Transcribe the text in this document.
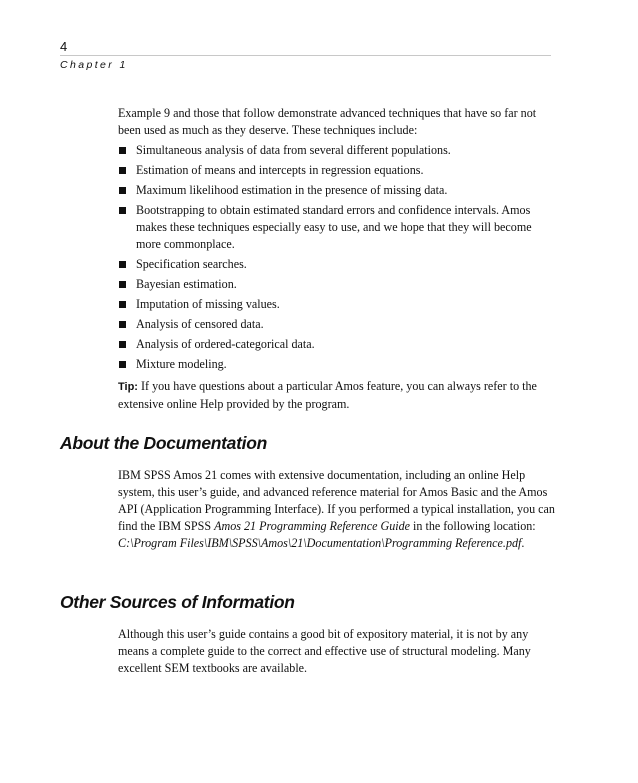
4
Chapter 1

Example 9 and those that follow demonstrate advanced techniques that have so far not been used as much as they deserve. These techniques include:

Simultaneous analysis of data from several different populations.
Estimation of means and intercepts in regression equations.
Maximum likelihood estimation in the presence of missing data.
Bootstrapping to obtain estimated standard errors and confidence intervals. Amos makes these techniques especially easy to use, and we hope that they will become more commonplace.
Specification searches.
Bayesian estimation.
Imputation of missing values.
Analysis of censored data.
Analysis of ordered-categorical data.
Mixture modeling.

Tip: If you have questions about a particular Amos feature, you can always refer to the extensive online Help provided by the program.

About the Documentation

IBM SPSS Amos 21 comes with extensive documentation, including an online Help system, this user’s guide, and advanced reference material for Amos Basic and the Amos API (Application Programming Interface). If you performed a typical installation, you can find the IBM SPSS Amos 21 Programming Reference Guide in the following location: C:\Program Files\IBM\SPSS\Amos\21\Documentation\Programming Reference.pdf.

Other Sources of Information

Although this user’s guide contains a good bit of expository material, it is not by any means a complete guide to the correct and effective use of structural modeling. Many excellent SEM textbooks are available.
